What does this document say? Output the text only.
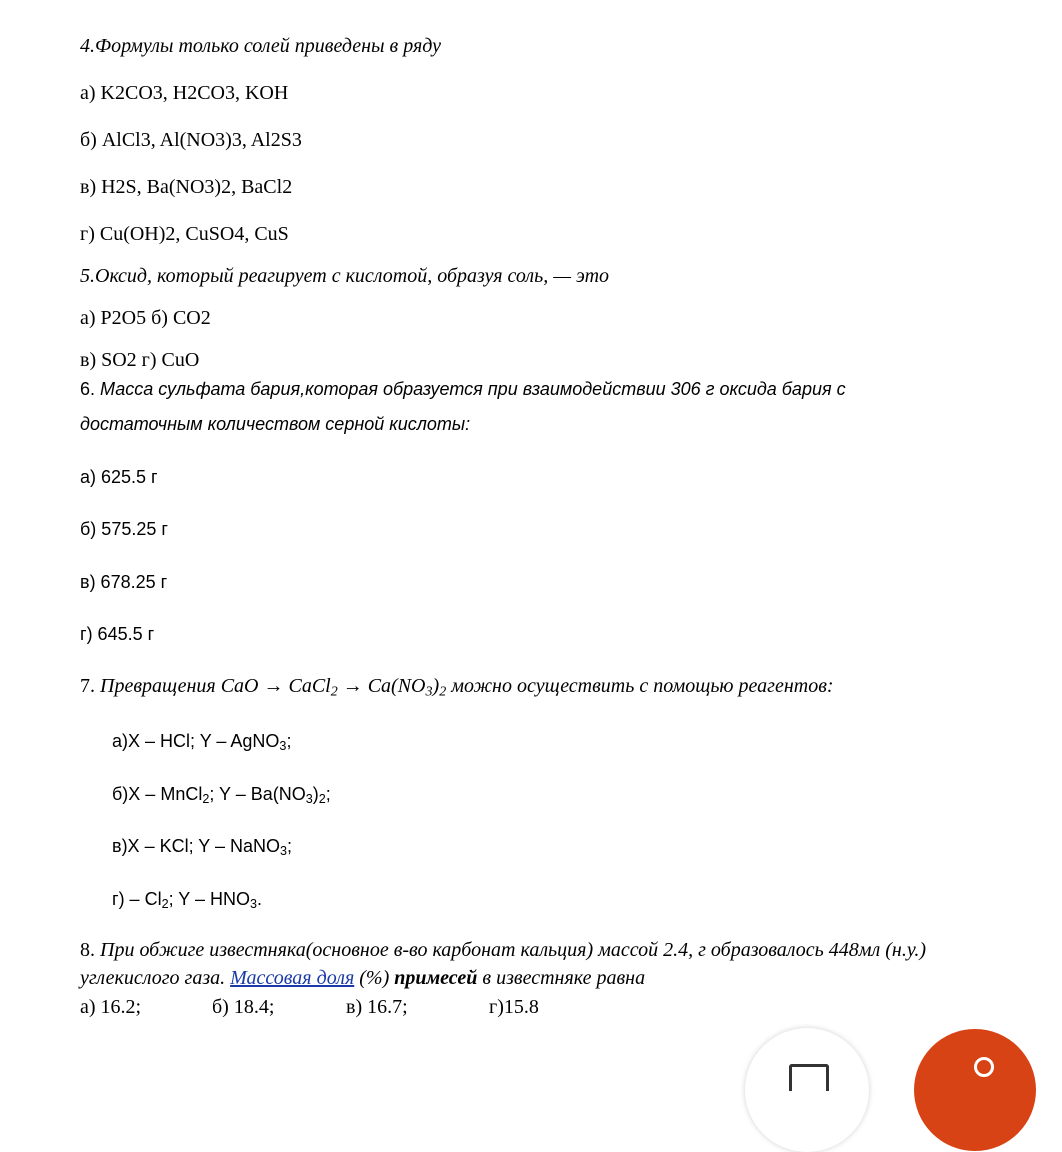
4.Формулы только солей приведены в ряду
а) K2CO3, H2CO3, KOH
б) AlCl3, Al(NO3)3, Al2S3
в) H2S, Ba(NO3)2, BaCl2
г) Cu(OH)2, CuSO4, CuS
5.Оксид, который реагирует с кислотой, образуя соль, — это
а) P2O5 б) CO2
в) SO2 г) CuO
6. Масса сульфата бария,которая образуется при взаимодействии 306 г оксида бария с
достаточным количеством серной кислоты:
а) 625.5 г
б) 575.25 г
в) 678.25 г
г) 645.5 г
7. Превращения CaO → CaCl$_2$ → $Ca(NO_3)_2$ можно осуществить с помощью реагентов:
а)X – HCl; Y – AgNO$_3$;
б)X – MnCl$_2$; Y – $Ba(NO_3)_2$;
в)X – KCl; Y – NaNO$_3$;
$г) - Cl_2$; Y – $HNO_3$.
8. При обжиге известняка(основное в-во карбонат кальция) массой 2.4, г образовалось 448мл (н.у.)
углекислого газа. Массовая доля (%) примесей в известняке равна
а) 16.2;	б) 18.4;	в) 16.7;	г)15.8
